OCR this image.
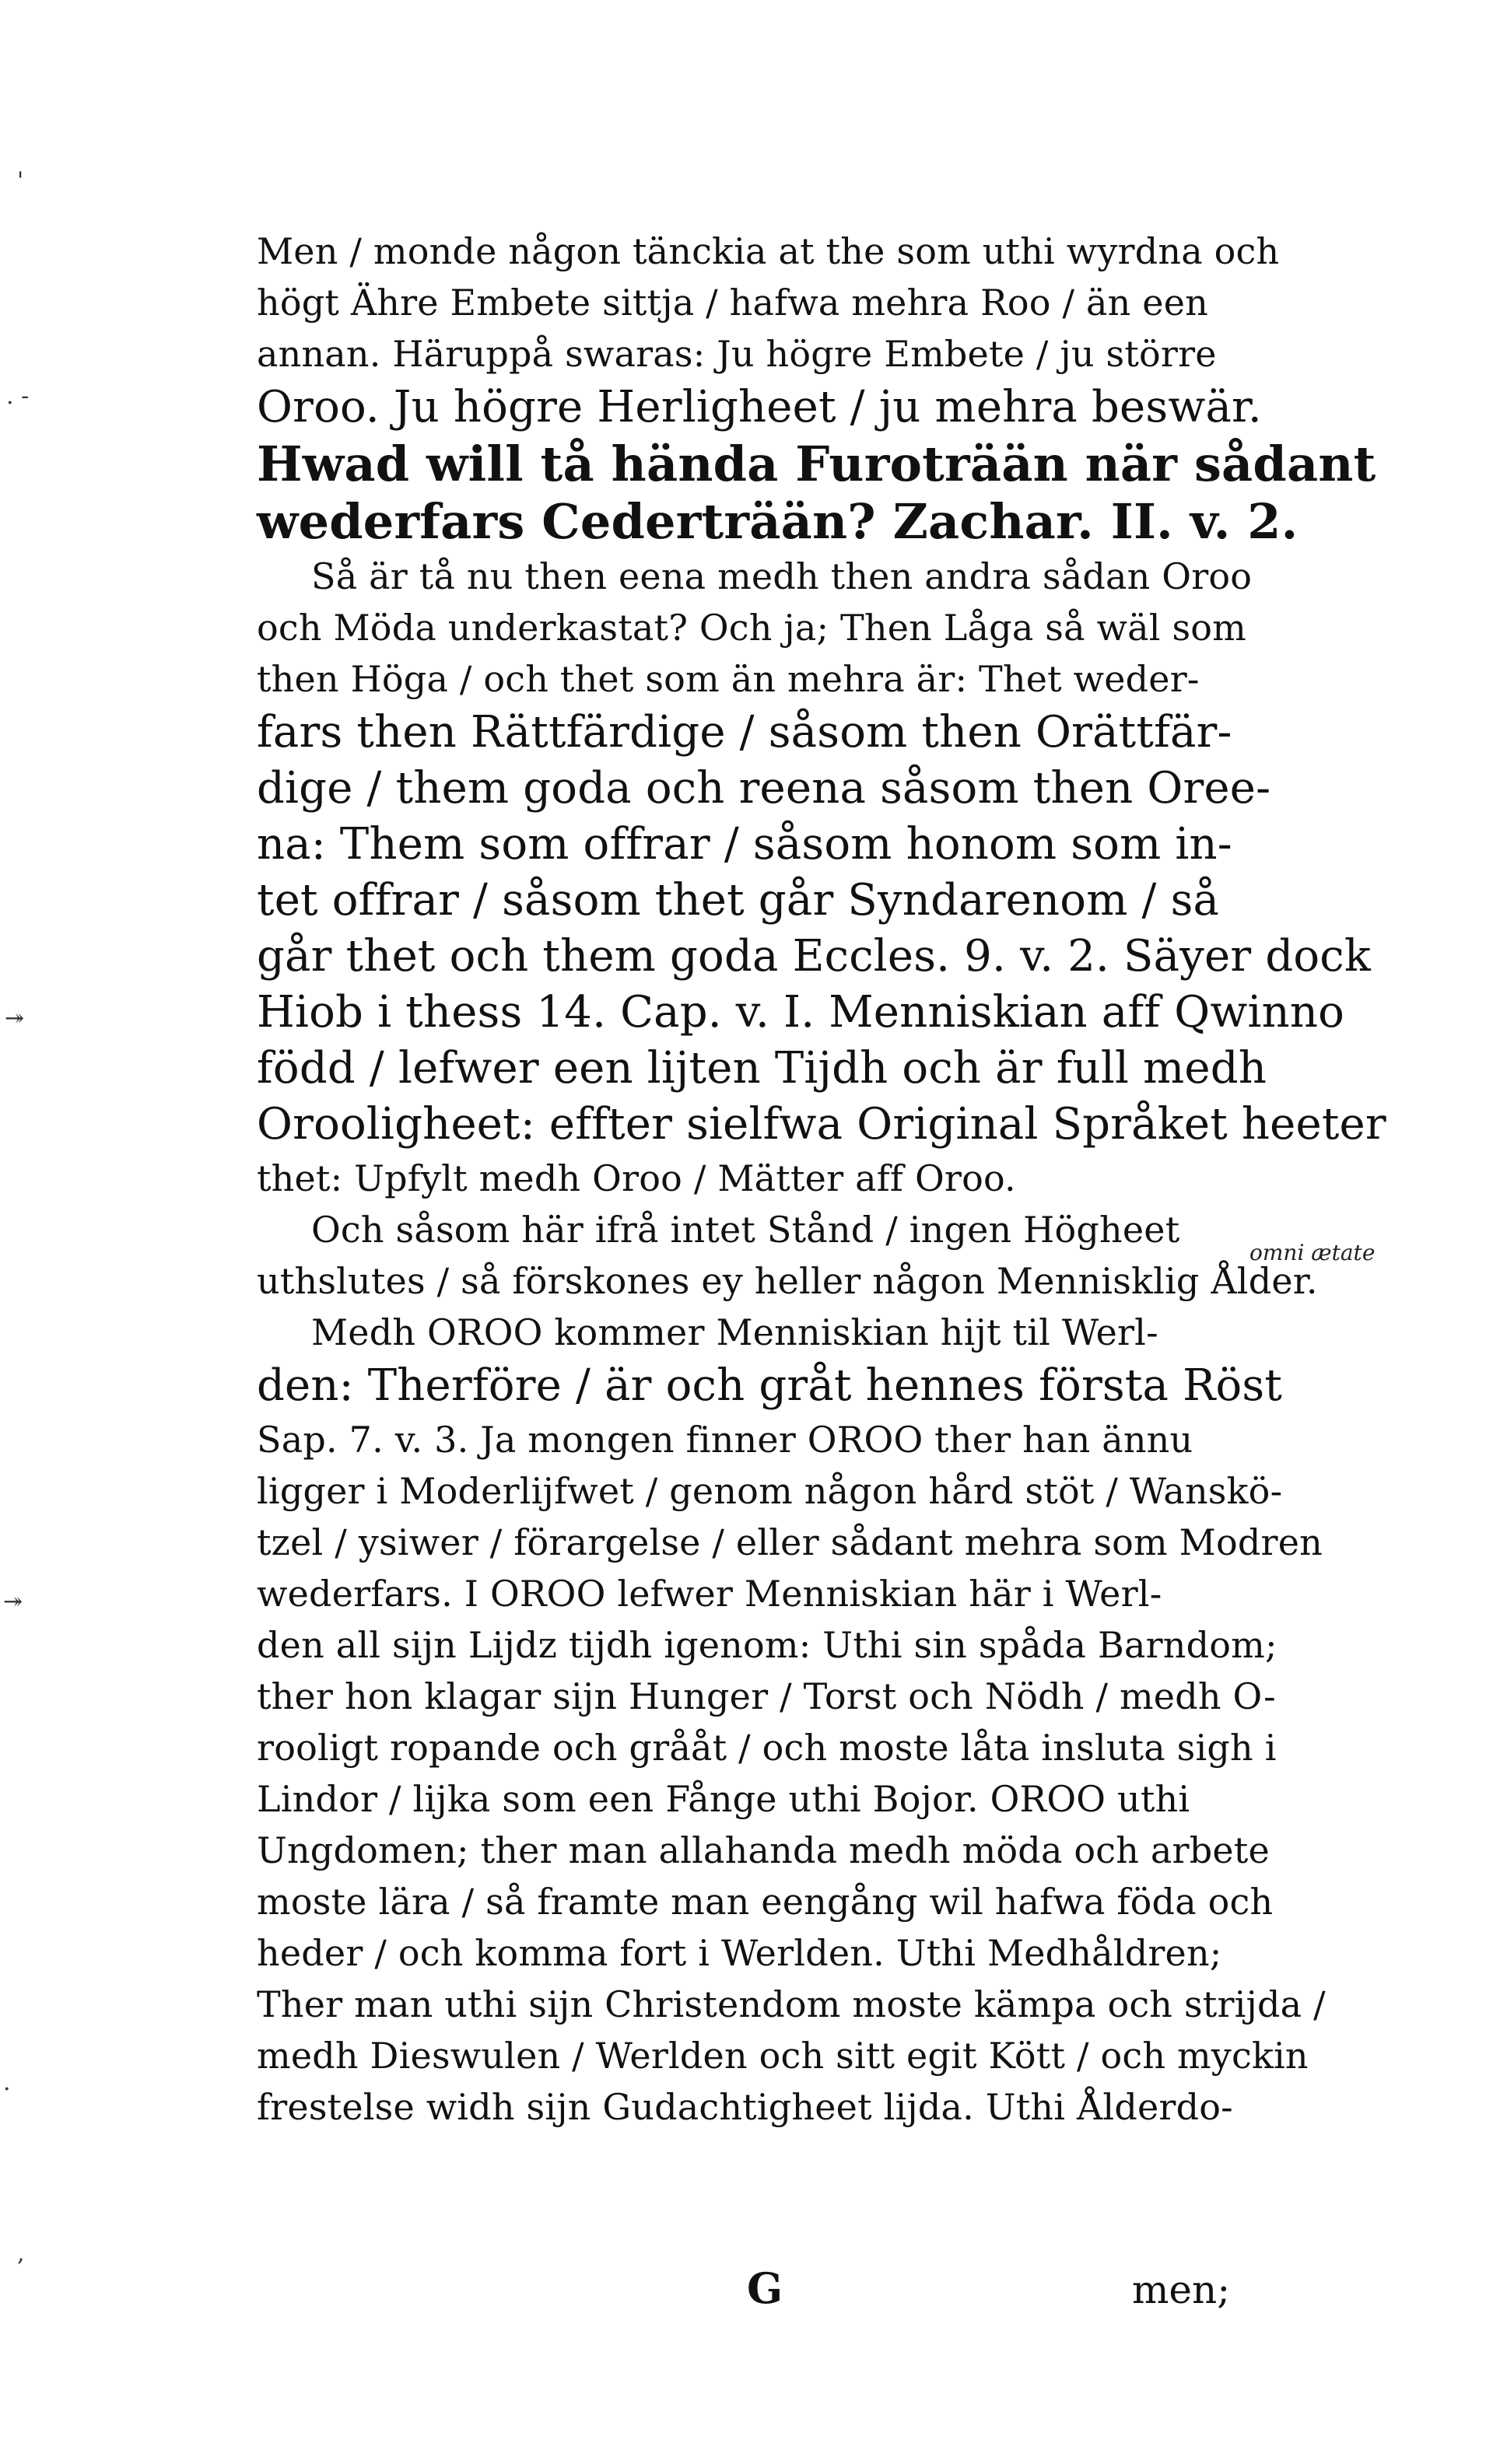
'
. -
↠
↠
.
,
Men / monde någon tänckia at the som uthi wyrdna och
högt Ähre Embete sittja / hafwa mehra Roo / än een
annan. Häruppå swaras: Ju högre Embete / ju större
Oroo. Ju högre Herligheet / ju mehra beswär.
Hwad will tå hända Furoträän när sådant
wederfars Cederträän? Zachar. II. v. 2.
Så är tå nu then eena medh then andra sådan Oroo
och Möda underkastat? Och ja; Then Låga så wäl som
then Höga / och thet som än mehra är: Thet weder-
fars then Rättfärdige / såsom then Orättfär-
dige / them goda och reena såsom then Oree-
na: Them som offrar / såsom honom som in-
tet offrar / såsom thet går Syndarenom / så
går thet och them goda Eccles. 9. v. 2. Säyer dock
Hiob i thess 14. Cap. v. I. Menniskian aff Qwinno
född / lefwer een lijten Tijdh och är full medh
Orooligheet: effter sielfwa Original Språket heeter
thet: Upfylt medh Oroo / Mätter aff Oroo.
Och såsom här ifrå intet Stånd / ingen Högheet
uthslutes / så förskones ey heller någon Mennisklig Ålder.
Medh OROO kommer Menniskian hijt til Werl-
den: Therföre / är och gråt hennes första Röst
Sap. 7. v. 3. Ja mongen finner OROO ther han ännu
ligger i Moderlijfwet / genom någon hård stöt / Wanskö-
tzel / ysiwer / förargelse / eller sådant mehra som Modren
wederfars. I OROO lefwer Menniskian här i Werl-
den all sijn Lijdz tijdh igenom: Uthi sin spåda Barndom;
ther hon klagar sijn Hunger / Torst och Nödh / medh O-
rooligt ropande och grååt / och moste låta insluta sigh i
Lindor / lijka som een Fånge uthi Bojor. OROO uthi
Ungdomen; ther man allahanda medh möda och arbete
moste lära / så framte man eengång wil hafwa föda och
heder / och komma fort i Werlden. Uthi Medhåldren;
Ther man uthi sijn Christendom moste kämpa och strijda /
medh Dieswulen / Werlden och sitt egit Kött / och myckin
frestelse widh sijn Gudachtigheet lijda. Uthi Ålderdo-
omni ætate
G	men;
